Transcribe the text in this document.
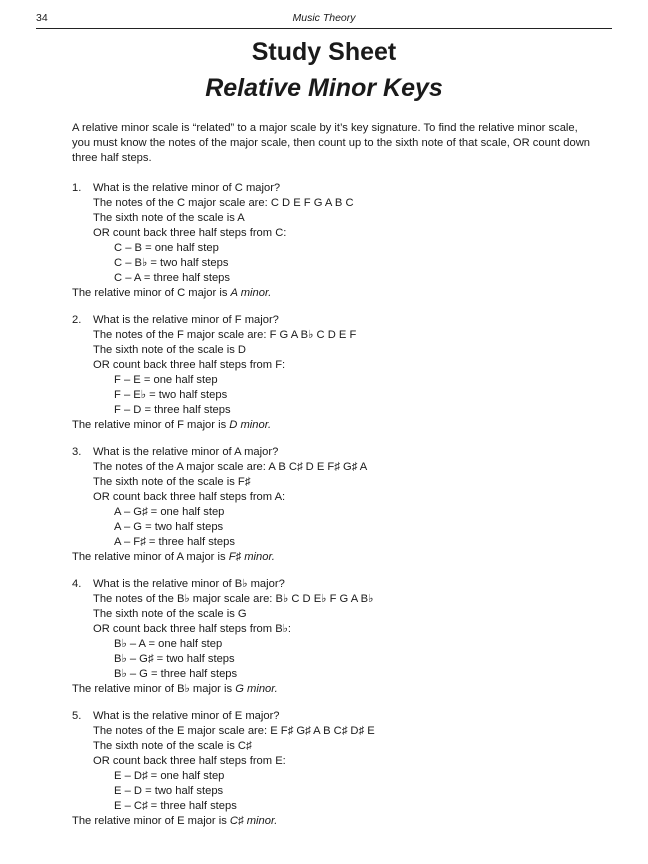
34	Music Theory
Study Sheet
Relative Minor Keys
A relative minor scale is “related” to a major scale by it’s key signature. To find the relative minor scale, you must know the notes of the major scale, then count up to the sixth note of that scale, OR count down three half steps.
1. What is the relative minor of C major?
The notes of the C major scale are: C D E F G A B C
The sixth note of the scale is A
OR count back three half steps from C:
C – B = one half step
C – B♭ = two half steps
C – A = three half steps
The relative minor of C major is A minor.
2. What is the relative minor of F major?
The notes of the F major scale are: F G A B♭ C D E F
The sixth note of the scale is D
OR count back three half steps from F:
F – E = one half step
F – E♭ = two half steps
F – D = three half steps
The relative minor of F major is D minor.
3. What is the relative minor of A major?
The notes of the A major scale are: A B C♯ D E F♯ G♯ A
The sixth note of the scale is F♯
OR count back three half steps from A:
A – G♯ = one half step
A – G = two half steps
A – F♯ = three half steps
The relative minor of A major is F♯ minor.
4. What is the relative minor of B♭ major?
The notes of the B♭ major scale are: B♭ C D E♭ F G A B♭
The sixth note of the scale is G
OR count back three half steps from B♭:
B♭ – A = one half step
B♭ – G♯ = two half steps
B♭ – G = three half steps
The relative minor of B♭ major is G minor.
5. What is the relative minor of E major?
The notes of the E major scale are: E F♯ G♯ A B C♯ D♯ E
The sixth note of the scale is C♯
OR count back three half steps from E:
E – D♯ = one half step
E – D = two half steps
E – C♯ = three half steps
The relative minor of E major is C♯ minor.
